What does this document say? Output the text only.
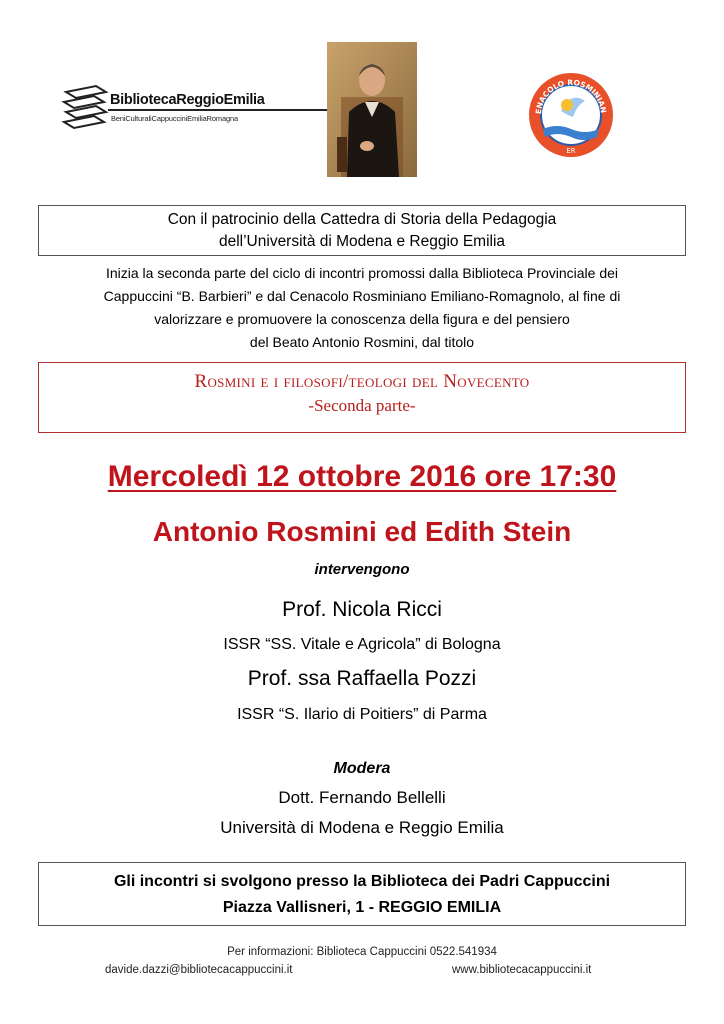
BibliotecaReggioEmilia
BeniCulturaliCappucciniEmiliaRomagna
ENACOLO ROSMINIAN
ER
Con il patrocinio della Cattedra di Storia della Pedagogia
dell’Università di Modena e Reggio Emilia
Inizia la seconda parte del ciclo di incontri promossi dalla Biblioteca Provinciale dei
Cappuccini “B. Barbieri” e dal Cenacolo Rosminiano Emiliano-Romagnolo, al fine di
valorizzare e promuovere la conoscenza della figura e del pensiero
del Beato Antonio Rosmini, dal titolo
Rosmini e i filosofi/teologi del Novecento
-Seconda parte-
Mercoledì 12 ottobre 2016 ore 17:30
Antonio Rosmini ed Edith Stein
intervengono
Prof. Nicola Ricci
ISSR “SS. Vitale e Agricola” di Bologna
Prof. ssa Raffaella Pozzi
ISSR “S. Ilario di Poitiers” di Parma
Modera
Dott. Fernando Bellelli
Università di Modena e Reggio Emilia
Gli incontri si svolgono presso la Biblioteca dei Padri Cappuccini
Piazza Vallisneri, 1 - REGGIO EMILIA
Per informazioni: Biblioteca Cappuccini 0522.541934
davide.dazzi@bibliotecacappuccini.it	www.bibliotecacappuccini.it
